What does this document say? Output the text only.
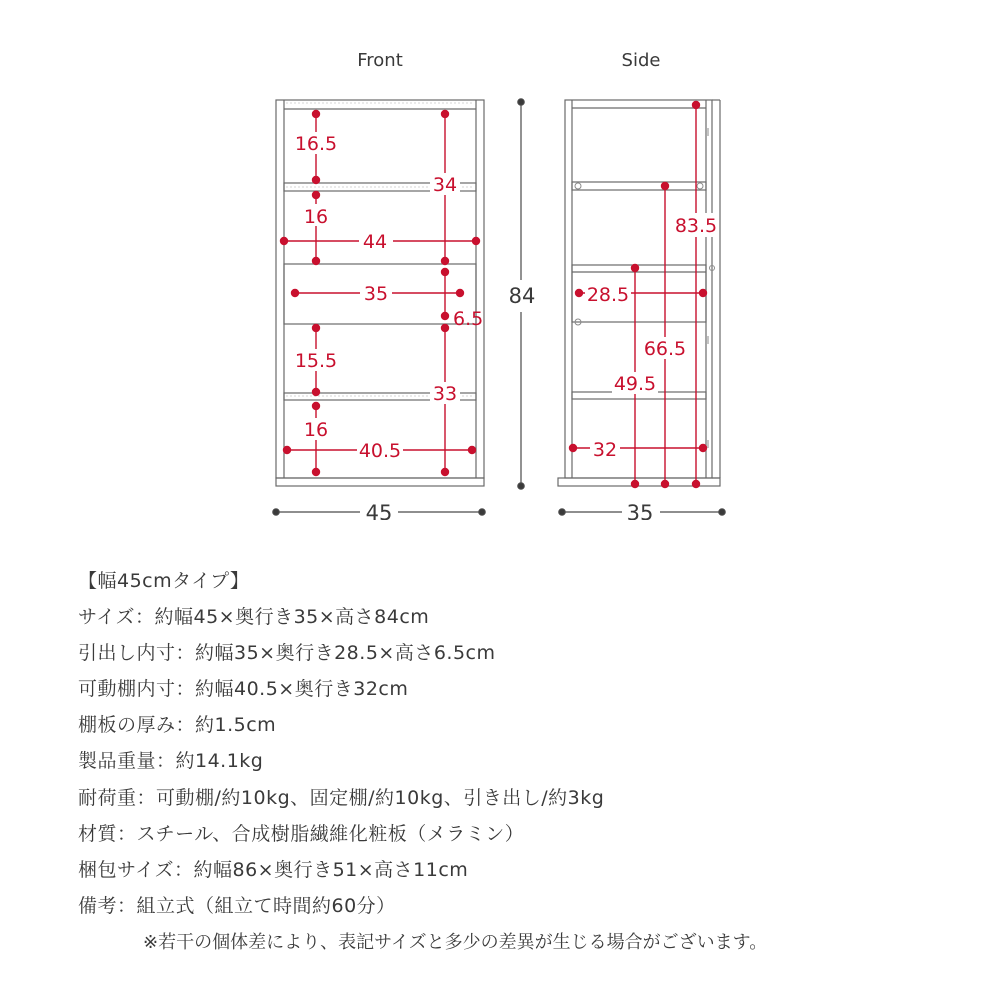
Front	Side
16.5
34
16
44
35
6.5
15.5
33
16
40.5
45
84
83.5
28.5
66.5
49.5
32
35
【幅45cmタイプ】
サイズ：約幅45×奥行き35×高さ84cm
引出し内寸：約幅35×奥行き28.5×高さ6.5cm
可動棚内寸：約幅40.5×奥行き32cm
棚板の厚み：約1.5cm
製品重量：約14.1kg
耐荷重：可動棚/約10kg、固定棚/約10kg、引き出し/約3kg
材質：スチール、合成樹脂繊維化粧板（メラミン）
梱包サイズ：約幅86×奥行き51×高さ11cm
備考：組立式（組立て時間約60分）
※若干の個体差により、表記サイズと多少の差異が生じる場合がございます。
